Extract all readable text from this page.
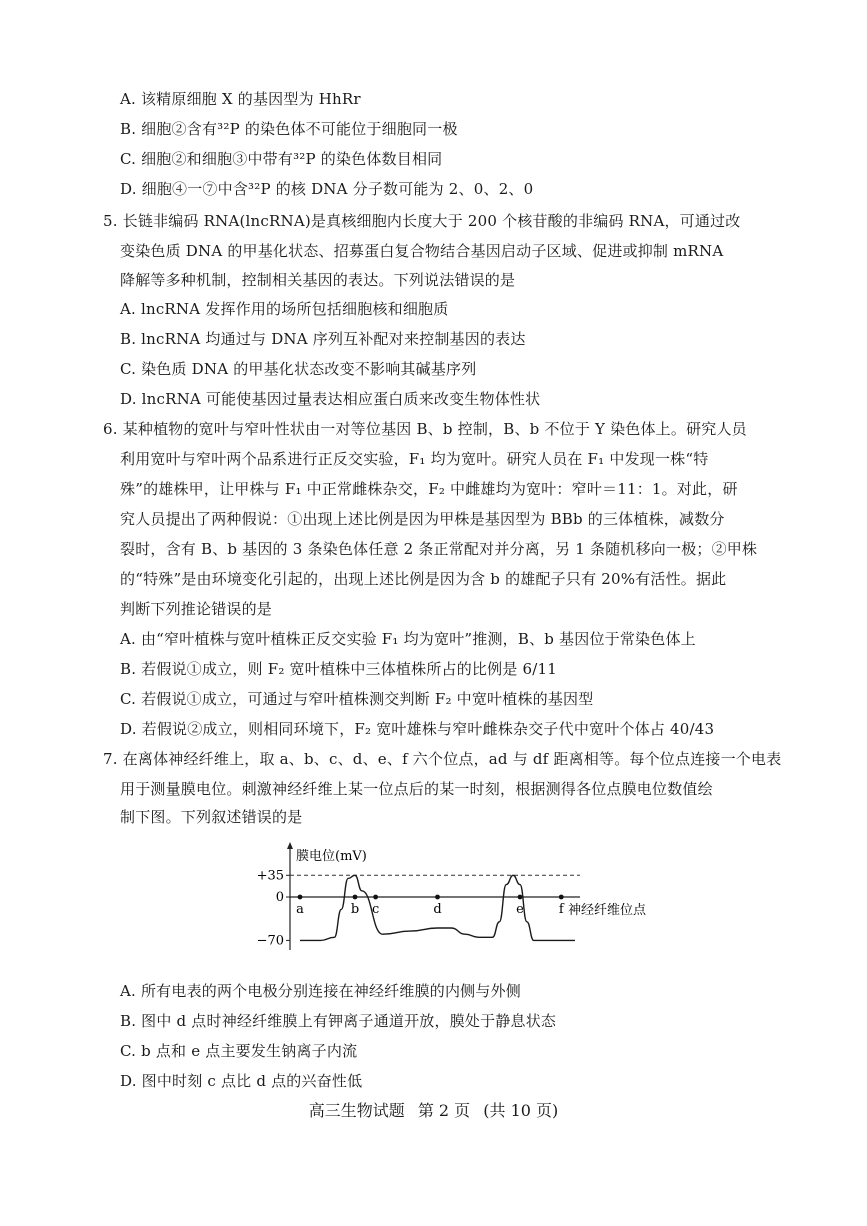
A. 该精原细胞 X 的基因型为 HhRr
B. 细胞②含有³²P 的染色体不可能位于细胞同一极
C. 细胞②和细胞③中带有³²P 的染色体数目相同
D. 细胞④一⑦中含³²P 的核 DNA 分子数可能为 2、0、2、0
5. 长链非编码 RNA(lncRNA)是真核细胞内长度大于 200 个核苷酸的非编码 RNA，可通过改
变染色质 DNA 的甲基化状态、招募蛋白复合物结合基因启动子区域、促进或抑制 mRNA
降解等多种机制，控制相关基因的表达。下列说法错误的是
A. lncRNA 发挥作用的场所包括细胞核和细胞质
B. lncRNA 均通过与 DNA 序列互补配对来控制基因的表达
C. 染色质 DNA 的甲基化状态改变不影响其碱基序列
D. lncRNA 可能使基因过量表达相应蛋白质来改变生物体性状
6. 某种植物的宽叶与窄叶性状由一对等位基因 B、b 控制，B、b 不位于 Y 染色体上。研究人员
利用宽叶与窄叶两个品系进行正反交实验，F₁ 均为宽叶。研究人员在 F₁ 中发现一株“特
殊”的雄株甲，让甲株与 F₁ 中正常雌株杂交，F₂ 中雌雄均为宽叶：窄叶＝11：1。对此，研
究人员提出了两种假说：①出现上述比例是因为甲株是基因型为 BBb 的三体植株，减数分
裂时，含有 B、b 基因的 3 条染色体任意 2 条正常配对并分离，另 1 条随机移向一极；②甲株
的“特殊”是由环境变化引起的，出现上述比例是因为含 b 的雄配子只有 20%有活性。据此
判断下列推论错误的是
A. 由“窄叶植株与宽叶植株正反交实验 F₁ 均为宽叶”推测，B、b 基因位于常染色体上
B. 若假说①成立，则 F₂ 宽叶植株中三体植株所占的比例是 6/11
C. 若假说①成立，可通过与窄叶植株测交判断 F₂ 中宽叶植株的基因型
D. 若假说②成立，则相同环境下，F₂ 宽叶雄株与窄叶雌株杂交子代中宽叶个体占 40/43
7. 在离体神经纤维上，取 a、b、c、d、e、f 六个位点，ad 与 df 距离相等。每个位点连接一个电表
用于测量膜电位。刺激神经纤维上某一位点后的某一时刻，根据测得各位点膜电位数值绘
制下图。下列叙述错误的是
膜电位(mV)
神经纤维位点
+35
0
−70
a	b c	d	e	f
A. 所有电表的两个电极分别连接在神经纤维膜的内侧与外侧
B. 图中 d 点时神经纤维膜上有钾离子通道开放，膜处于静息状态
C. b 点和 e 点主要发生钠离子内流
D. 图中时刻 c 点比 d 点的兴奋性低
高三生物试题 第 2 页 (共 10 页)
